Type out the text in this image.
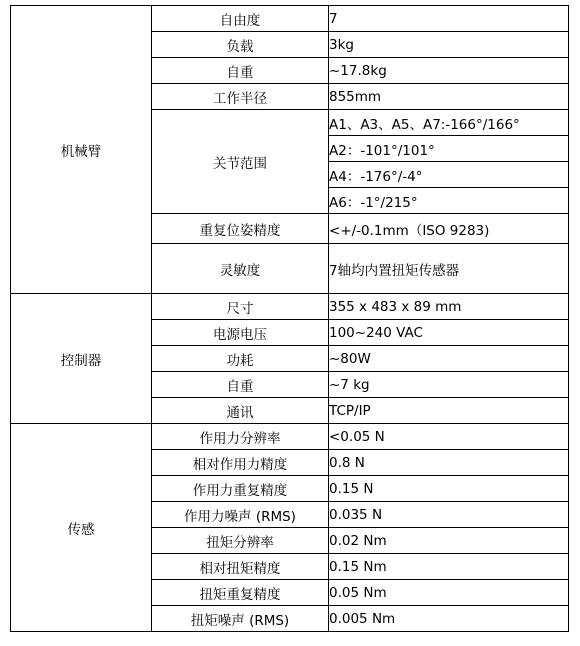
机械臂	自由度	7
	负载	3kg
	自重	~17.8kg
	工作半径	855mm
	关节范围	A1、A3、A5、A7:-166°/166°
		A2：-101°/101°
		A4：-176°/-4°
		A6：-1°/215°
	重复位姿精度	<+/-0.1mm（ISO 9283)
	灵敏度	7轴均内置扭矩传感器
控制器	尺寸	355 x 483 x 89 mm
	电源电压	100~240 VAC
	功耗	~80W
	自重	~7 kg
	通讯	TCP/IP
传感	作用力分辨率	<0.05 N
	相对作用力精度	0.8 N
	作用力重复精度	0.15 N
	作用力噪声 (RMS)	0.035 N
	扭矩分辨率	0.02 Nm
	相对扭矩精度	0.15 Nm
	扭矩重复精度	0.05 Nm
	扭矩噪声 (RMS)	0.005 Nm
